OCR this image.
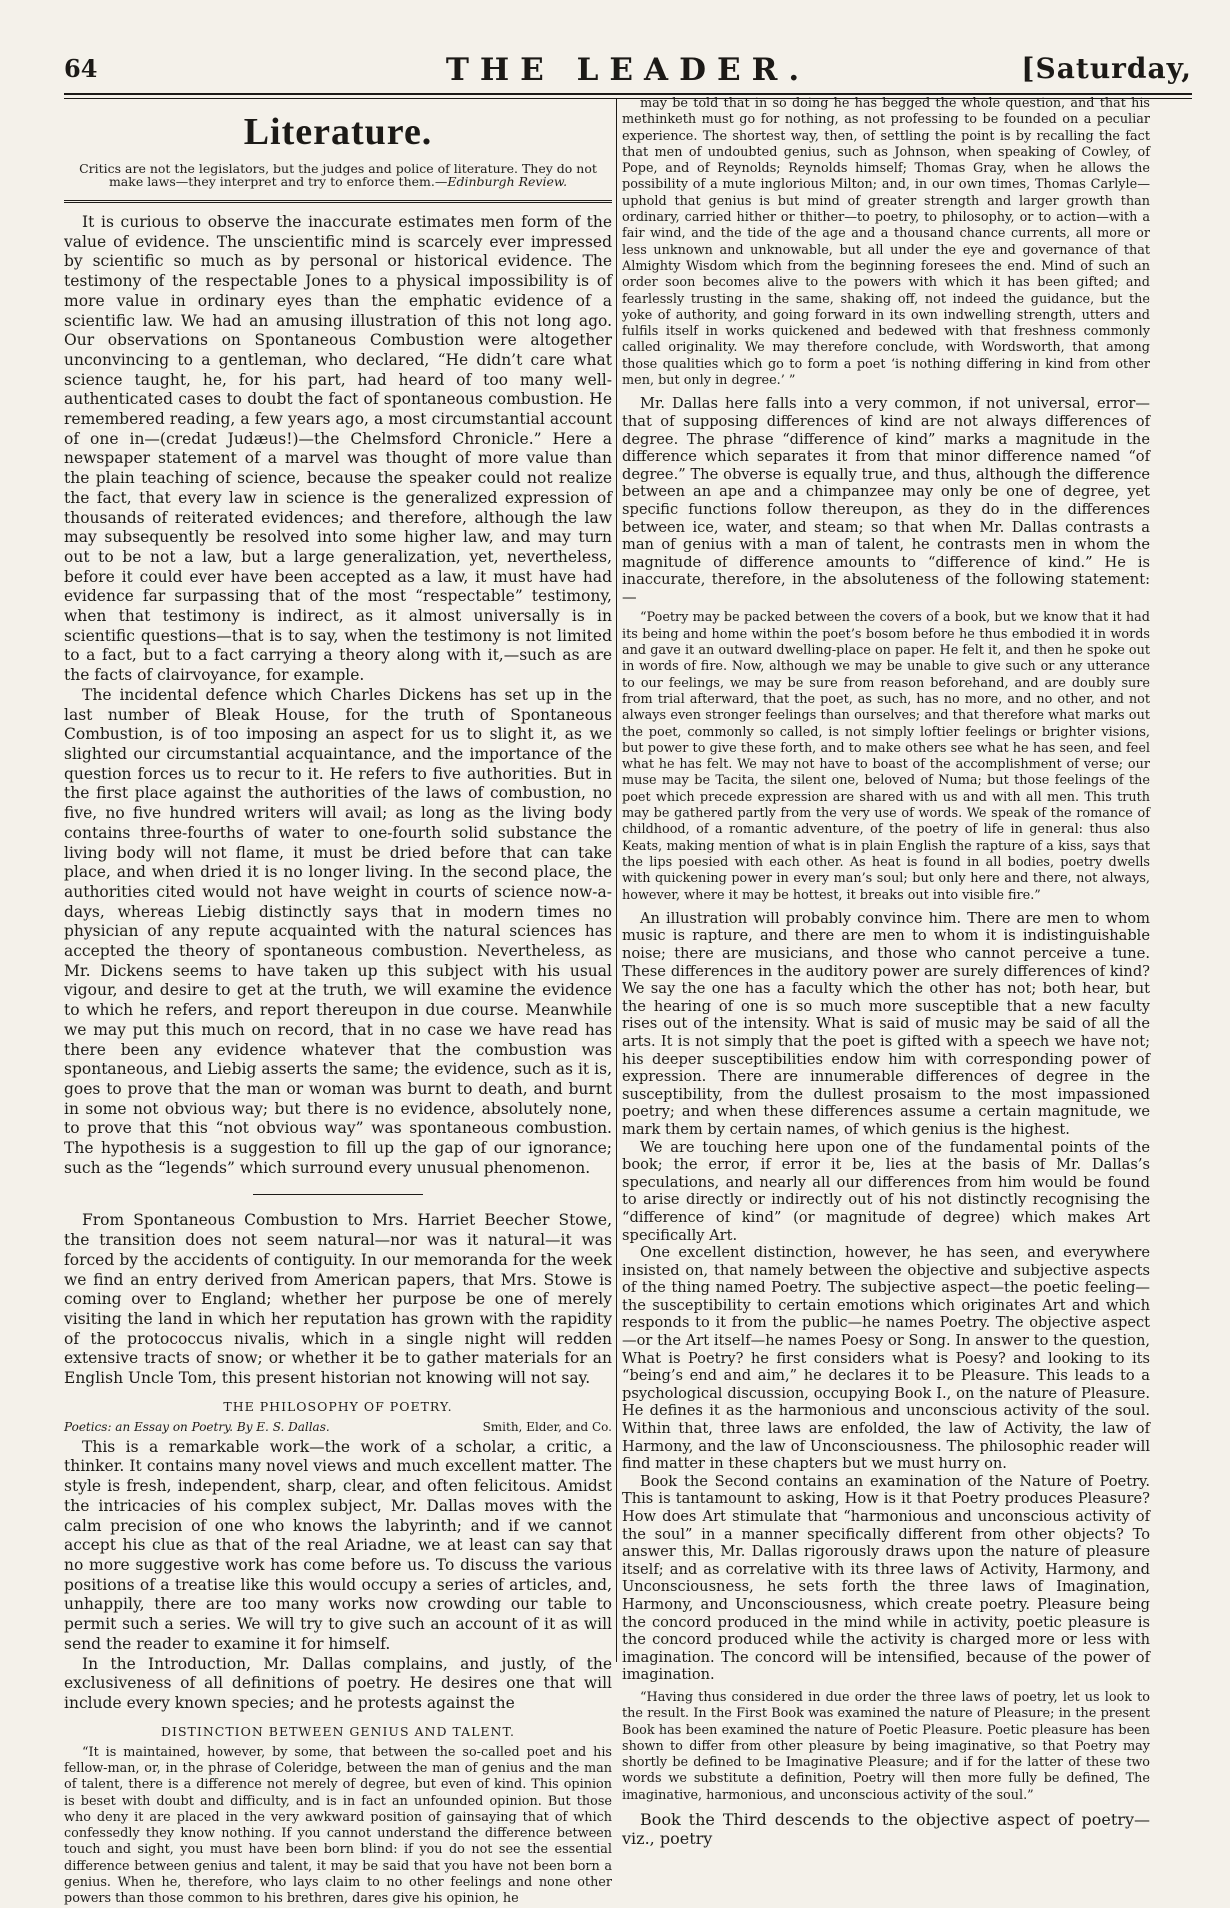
64	THE LEADER.	[Saturday,
Literature.
Critics are not the legislators, but the judges and police of literature. They do not make laws—they interpret and try to enforce them.—Edinburgh Review.

It is curious to observe the inaccurate estimates men form of the value of evidence. The unscientific mind is scarcely ever impressed by scientific so much as by personal or historical evidence. The testimony of the respectable Jones to a physical impossibility is of more value in ordinary eyes than the emphatic evidence of a scientific law. We had an amusing illustration of this not long ago. Our observations on Spontaneous Combustion were altogether unconvincing to a gentleman, who declared, “He didn’t care what science taught, he, for his part, had heard of too many well-authenticated cases to doubt the fact of spontaneous combustion. He remembered reading, a few years ago, a most circumstantial account of one in—(credat Judæus!)—the Chelmsford Chronicle.” Here a newspaper statement of a marvel was thought of more value than the plain teaching of science, because the speaker could not realize the fact, that every law in science is the generalized expression of thousands of reiterated evidences; and therefore, although the law may subsequently be resolved into some higher law, and may turn out to be not a law, but a large generalization, yet, nevertheless, before it could ever have been accepted as a law, it must have had evidence far surpassing that of the most “respectable” testimony, when that testimony is indirect, as it almost universally is in scientific questions—that is to say, when the testimony is not limited to a fact, but to a fact carrying a theory along with it,—such as are the facts of clairvoyance, for example.

The incidental defence which Charles Dickens has set up in the last number of Bleak House, for the truth of Spontaneous Combustion, is of too imposing an aspect for us to slight it, as we slighted our circumstantial acquaintance, and the importance of the question forces us to recur to it. He refers to five authorities. But in the first place against the authorities of the laws of combustion, no five, no five hundred writers will avail; as long as the living body contains three-fourths of water to one-fourth solid substance the living body will not flame, it must be dried before that can take place, and when dried it is no longer living. In the second place, the authorities cited would not have weight in courts of science now-a-days, whereas Liebig distinctly says that in modern times no physician of any repute acquainted with the natural sciences has accepted the theory of spontaneous combustion. Nevertheless, as Mr. Dickens seems to have taken up this subject with his usual vigour, and desire to get at the truth, we will examine the evidence to which he refers, and report thereupon in due course. Meanwhile we may put this much on record, that in no case we have read has there been any evidence whatever that the combustion was spontaneous, and Liebig asserts the same; the evidence, such as it is, goes to prove that the man or woman was burnt to death, and burnt in some not obvious way; but there is no evidence, absolutely none, to prove that this “not obvious way” was spontaneous combustion. The hypothesis is a suggestion to fill up the gap of our ignorance; such as the “legends” which surround every unusual phenomenon.

From Spontaneous Combustion to Mrs. Harriet Beecher Stowe, the transition does not seem natural—nor was it natural—it was forced by the accidents of contiguity. In our memoranda for the week we find an entry derived from American papers, that Mrs. Stowe is coming over to England; whether her purpose be one of merely visiting the land in which her reputation has grown with the rapidity of the protococcus nivalis, which in a single night will redden extensive tracts of snow; or whether it be to gather materials for an English Uncle Tom, this present historian not knowing will not say.

THE PHILOSOPHY OF POETRY.
Poetics: an Essay on Poetry. By E. S. Dallas.	Smith, Elder, and Co.

This is a remarkable work—the work of a scholar, a critic, a thinker. It contains many novel views and much excellent matter. The style is fresh, independent, sharp, clear, and often felicitous. Amidst the intricacies of his complex subject, Mr. Dallas moves with the calm precision of one who knows the labyrinth; and if we cannot accept his clue as that of the real Ariadne, we at least can say that no more suggestive work has come before us. To discuss the various positions of a treatise like this would occupy a series of articles, and, unhappily, there are too many works now crowding our table to permit such a series. We will try to give such an account of it as will send the reader to examine it for himself.

In the Introduction, Mr. Dallas complains, and justly, of the exclusiveness of all definitions of poetry. He desires one that will include every known species; and he protests against the

DISTINCTION BETWEEN GENIUS AND TALENT.

“It is maintained, however, by some, that between the so-called poet and his fellow-man, or, in the phrase of Coleridge, between the man of genius and the man of talent, there is a difference not merely of degree, but even of kind. This opinion is beset with doubt and difficulty, and is in fact an unfounded opinion. But those who deny it are placed in the very awkward position of gainsaying that of which confessedly they know nothing. If you cannot understand the difference between touch and sight, you must have been born blind: if you do not see the essential difference between genius and talent, it may be said that you have not been born a genius. When he, therefore, who lays claim to no other feelings and none other powers than those common to his brethren, dares give his opinion, he

may be told that in so doing he has begged the whole question, and that his methinketh must go for nothing, as not professing to be founded on a peculiar experience. The shortest way, then, of settling the point is by recalling the fact that men of undoubted genius, such as Johnson, when speaking of Cowley, of Pope, and of Reynolds; Reynolds himself; Thomas Gray, when he allows the possibility of a mute inglorious Milton; and, in our own times, Thomas Carlyle—uphold that genius is but mind of greater strength and larger growth than ordinary, carried hither or thither—to poetry, to philosophy, or to action—with a fair wind, and the tide of the age and a thousand chance currents, all more or less unknown and unknowable, but all under the eye and governance of that Almighty Wisdom which from the beginning foresees the end. Mind of such an order soon becomes alive to the powers with which it has been gifted; and fearlessly trusting in the same, shaking off, not indeed the guidance, but the yoke of authority, and going forward in its own indwelling strength, utters and fulfils itself in works quickened and bedewed with that freshness commonly called originality. We may therefore conclude, with Wordsworth, that among those qualities which go to form a poet ‘is nothing differing in kind from other men, but only in degree.’ ”

Mr. Dallas here falls into a very common, if not universal, error—that of supposing differences of kind are not always differences of degree. The phrase “difference of kind” marks a magnitude in the difference which separates it from that minor difference named “of degree.” The obverse is equally true, and thus, although the difference between an ape and a chimpanzee may only be one of degree, yet specific functions follow thereupon, as they do in the differences between ice, water, and steam; so that when Mr. Dallas contrasts a man of genius with a man of talent, he contrasts men in whom the magnitude of difference amounts to “difference of kind.” He is inaccurate, therefore, in the absoluteness of the following statement:—

“Poetry may be packed between the covers of a book, but we know that it had its being and home within the poet’s bosom before he thus embodied it in words and gave it an outward dwelling-place on paper. He felt it, and then he spoke out in words of fire. Now, although we may be unable to give such or any utterance to our feelings, we may be sure from reason beforehand, and are doubly sure from trial afterward, that the poet, as such, has no more, and no other, and not always even stronger feelings than ourselves; and that therefore what marks out the poet, commonly so called, is not simply loftier feelings or brighter visions, but power to give these forth, and to make others see what he has seen, and feel what he has felt. We may not have to boast of the accomplishment of verse; our muse may be Tacita, the silent one, beloved of Numa; but those feelings of the poet which precede expression are shared with us and with all men. This truth may be gathered partly from the very use of words. We speak of the romance of childhood, of a romantic adventure, of the poetry of life in general: thus also Keats, making mention of what is in plain English the rapture of a kiss, says that the lips poesied with each other. As heat is found in all bodies, poetry dwells with quickening power in every man’s soul; but only here and there, not always, however, where it may be hottest, it breaks out into visible fire.”

An illustration will probably convince him. There are men to whom music is rapture, and there are men to whom it is indistinguishable noise; there are musicians, and those who cannot perceive a tune. These differences in the auditory power are surely differences of kind? We say the one has a faculty which the other has not; both hear, but the hearing of one is so much more susceptible that a new faculty rises out of the intensity. What is said of music may be said of all the arts. It is not simply that the poet is gifted with a speech we have not; his deeper susceptibilities endow him with corresponding power of expression. There are innumerable differences of degree in the susceptibility, from the dullest prosaism to the most impassioned poetry; and when these differences assume a certain magnitude, we mark them by certain names, of which genius is the highest.

We are touching here upon one of the fundamental points of the book; the error, if error it be, lies at the basis of Mr. Dallas’s speculations, and nearly all our differences from him would be found to arise directly or indirectly out of his not distinctly recognising the “difference of kind” (or magnitude of degree) which makes Art specifically Art.

One excellent distinction, however, he has seen, and everywhere insisted on, that namely between the objective and subjective aspects of the thing named Poetry. The subjective aspect—the poetic feeling—the susceptibility to certain emotions which originates Art and which responds to it from the public—he names Poetry. The objective aspect—or the Art itself—he names Poesy or Song. In answer to the question, What is Poetry? he first considers what is Poesy? and looking to its “being’s end and aim,” he declares it to be Pleasure. This leads to a psychological discussion, occupying Book I., on the nature of Pleasure. He defines it as the harmonious and unconscious activity of the soul. Within that, three laws are enfolded, the law of Activity, the law of Harmony, and the law of Unconsciousness. The philosophic reader will find matter in these chapters but we must hurry on.

Book the Second contains an examination of the Nature of Poetry. This is tantamount to asking, How is it that Poetry produces Pleasure? How does Art stimulate that “harmonious and unconscious activity of the soul” in a manner specifically different from other objects? To answer this, Mr. Dallas rigorously draws upon the nature of pleasure itself; and as correlative with its three laws of Activity, Harmony, and Unconsciousness, he sets forth the three laws of Imagination, Harmony, and Unconsciousness, which create poetry. Pleasure being the concord produced in the mind while in activity, poetic pleasure is the concord produced while the activity is charged more or less with imagination. The concord will be intensified, because of the power of imagination.

“Having thus considered in due order the three laws of poetry, let us look to the result. In the First Book was examined the nature of Pleasure; in the present Book has been examined the nature of Poetic Pleasure. Poetic pleasure has been shown to differ from other pleasure by being imaginative, so that Poetry may shortly be defined to be Imaginative Pleasure; and if for the latter of these two words we substitute a definition, Poetry will then more fully be defined, The imaginative, harmonious, and unconscious activity of the soul.”

Book the Third descends to the objective aspect of poetry—viz., poetry
